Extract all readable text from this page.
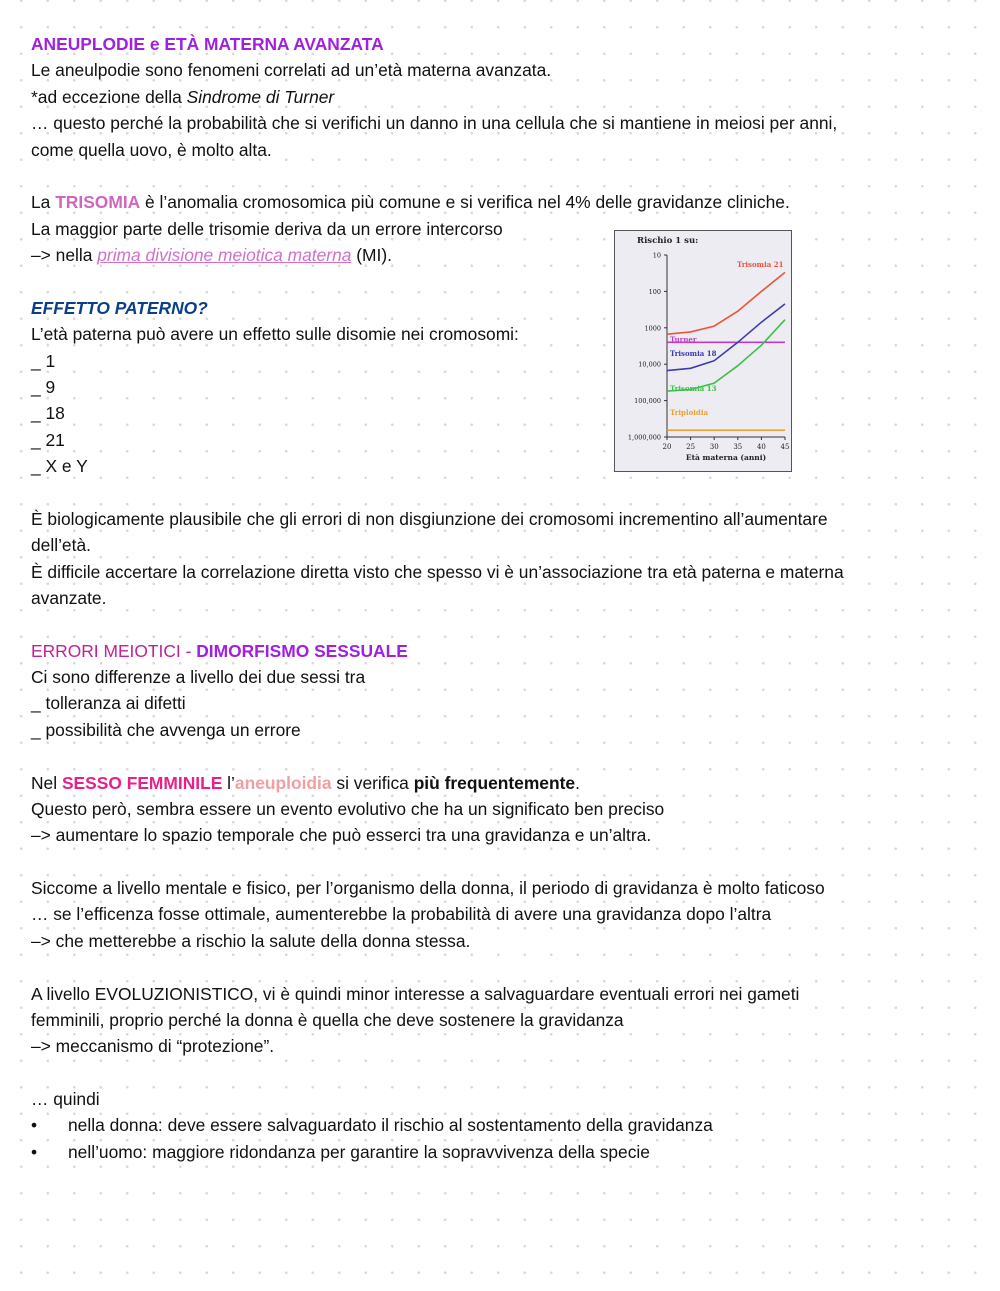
ANEUPLODIE e ETÀ MATERNA AVANZATA
Le aneulpodie sono fenomeni correlati ad un’età materna avanzata.
*ad eccezione della Sindrome di Turner
… questo perché la probabilità che si verifichi un danno in una cellula che si mantiene in meiosi per anni,
come quella uovo, è molto alta.
La TRISOMIA è l’anomalia cromosomica più comune e si verifica nel 4% delle gravidanze cliniche.
La maggior parte delle trisomie deriva da un errore intercorso
–> nella prima divisione meiotica materna (MI).
EFFETTO PATERNO?
L’età paterna può avere un effetto sulle disomie nei cromosomi:
_ 1
_ 9
_ 18
_ 21
_ X e Y
È biologicamente plausibile che gli errori di non disgiunzione dei cromosomi incrementino all’aumentare
dell’età.
È difficile accertare la correlazione diretta visto che spesso vi è un’associazione tra età paterna e materna
avanzate.
ERRORI MEIOTICI - DIMORFISMO SESSUALE
Ci sono differenze a livello dei due sessi tra
_ tolleranza ai difetti
_ possibilità che avvenga un errore
Nel SESSO FEMMINILE l’aneuploidia si verifica più frequentemente.
Questo però, sembra essere un evento evolutivo che ha un significato ben preciso
–> aumentare lo spazio temporale che può esserci tra una gravidanza e un’altra.
Siccome a livello mentale e fisico, per l’organismo della donna, il periodo di gravidanza è molto faticoso
… se l’efficenza fosse ottimale, aumenterebbe la probabilità di avere una gravidanza dopo l’altra
–> che metterebbe a rischio la salute della donna stessa.
A livello EVOLUZIONISTICO, vi è quindi minor interesse a salvaguardare eventuali errori nei gameti
femminili, proprio perché la donna è quella che deve sostenere la gravidanza
–> meccanismo di “protezione”.
… quindi
• nella donna: deve essere salvaguardato il rischio al sostentamento della gravidanza
• nell’uomo: maggiore ridondanza per garantire la sopravvivenza della specie
Rischio 1 su:
10
100
1000
10,000
100,000
1,000,000
20 25 30 35 40 45
Età materna (anni)
Trisomia 21
Turner
Trisomia 18
Trisomia 13
Triploidia
